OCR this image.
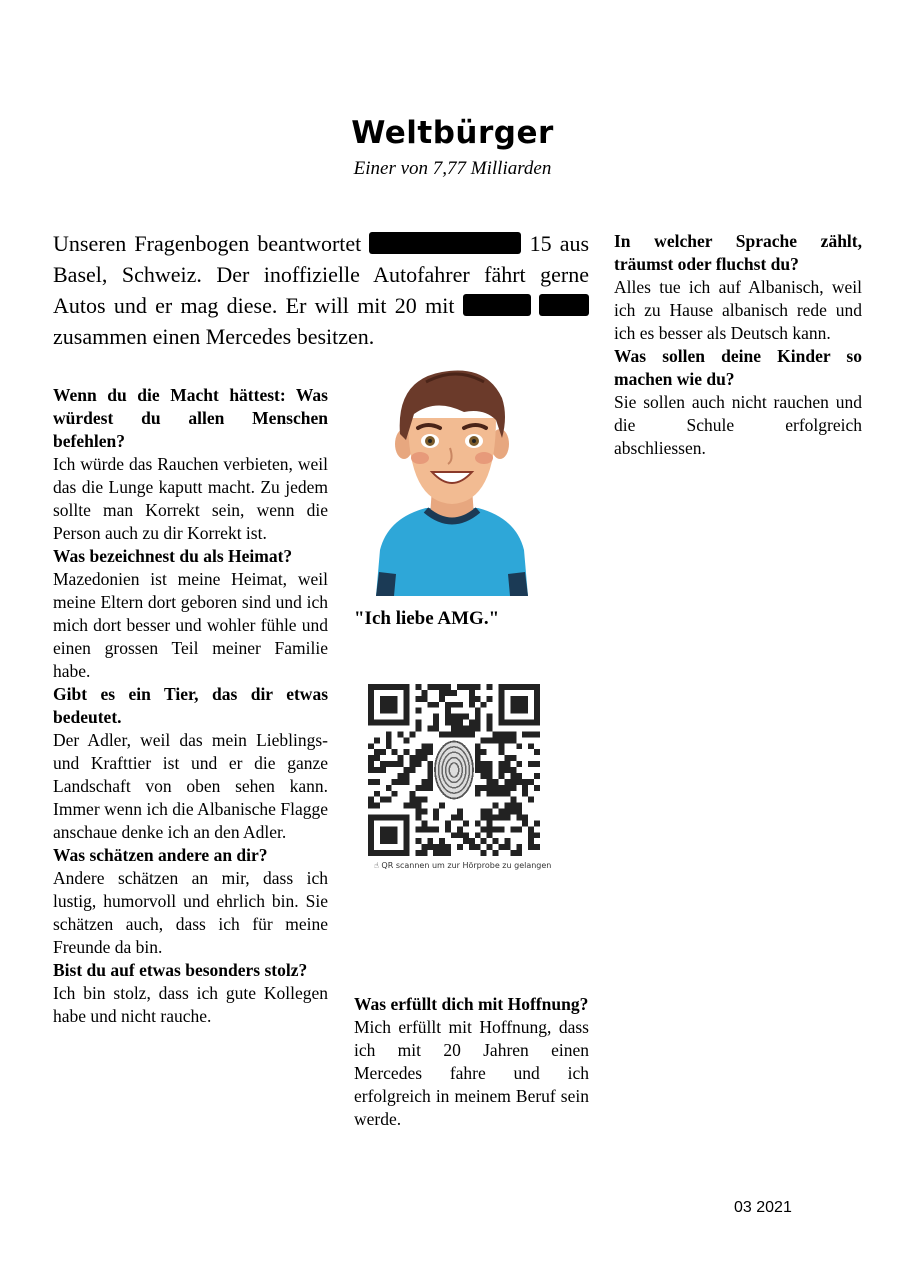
Weltbürger
Einer von 7,77 Milliarden
Unseren Fragenbogen beantwortet	15 aus Basel, Schweiz. Der inoffizielle Autofahrer fährt gerne Autos und er mag diese. Er will mit 20 mit   zusammen einen Mercedes besitzen.

Wenn du die Macht hättest: Was würdest du allen Menschen befehlen?

Ich würde das Rauchen verbieten, weil das die Lunge kaputt macht. Zu jedem sollte man Korrekt sein, wenn die Person auch zu dir Korrekt ist.

Was bezeichnest du als Heimat?

Mazedonien ist meine Heimat, weil meine Eltern dort geboren sind und ich mich dort besser und wohler fühle und einen grossen Teil meiner Familie habe.

Gibt es ein Tier, das dir etwas bedeutet.

Der Adler, weil das mein Lieblings- und Krafttier ist und er die ganze Landschaft von oben sehen kann. Immer wenn ich die Albanische Flagge anschaue denke ich an den Adler.

Was schätzen andere an dir?

Andere schätzen an mir, dass ich lustig, humorvoll und ehrlich bin. Sie schätzen auch, dass ich für meine Freunde da bin.

Bist du auf etwas besonders stolz?

Ich bin stolz, dass ich gute Kollegen habe und nicht rauche.

"Ich liebe AMG."
☝ QR scannen um zur Hörprobe zu gelangen

Was erfüllt dich mit Hoffnung?

Mich erfüllt mit Hoffnung, dass ich mit 20 Jahren einen Mercedes fahre und ich erfolgreich in meinem Beruf sein werde.

In welcher Sprache zählt, träumst oder fluchst du?

Alles tue ich auf Albanisch, weil ich zu Hause albanisch rede und ich es besser als Deutsch kann.

Was sollen deine Kinder so machen wie du?

Sie sollen auch nicht rauchen und die Schule erfolgreich abschliessen.

03 2021
